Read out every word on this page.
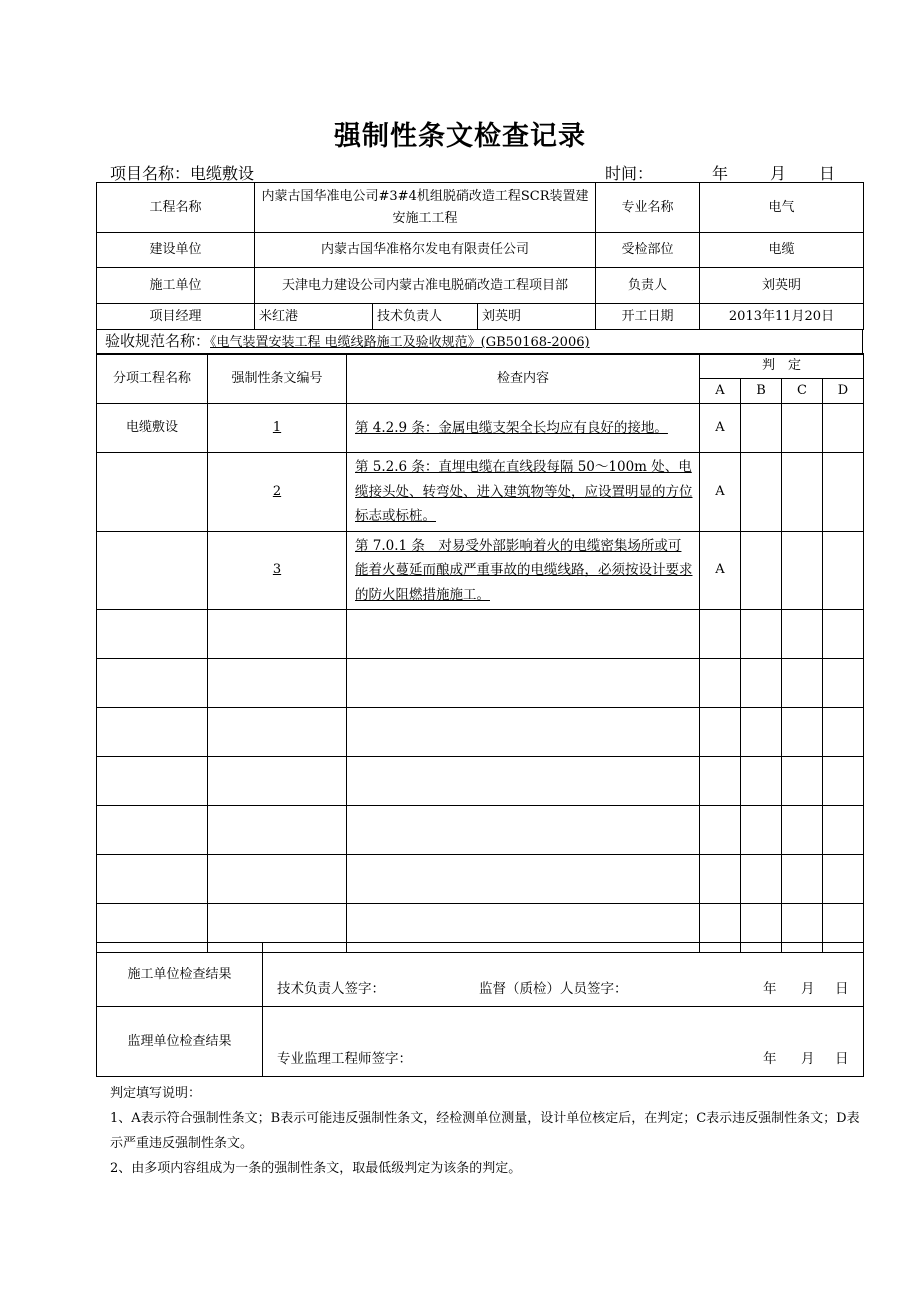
强制性条文检查记录
项目名称：电缆敷设	时间：	年	月 日
工程名称	内蒙古国华准电公司#3#4机组脱硝改造工程SCR装置建安施工工程			专业名称	电气
建设单位	内蒙古国华准格尔发电有限责任公司			受检部位	电缆
施工单位	天津电力建设公司内蒙古准电脱硝改造工程项目部			负责人	刘英明
项目经理	米红港	技术负责人	刘英明	开工日期	2013年11月20日
验收规范名称：《电气装置安装工程 电缆线路施工及验收规范》(GB50168-2006)
分项工程名称	强制性条文编号	检查内容	判　定			
			A	B	C	D
电缆敷设	1	第 4.2.9 条：金属电缆支架全长均应有良好的接地。	A			
	2	第 5.2.6 条：直埋电缆在直线段每隔 50～100m 处、电缆接头处、转弯处、进入建筑物等处，应设置明显的方位标志或标桩。	A			
	3	第 7.0.1 条　对易受外部影响着火的电缆密集场所或可能着火蔓延而酿成严重事故的电缆线路，必须按设计要求的防火阻燃措施施工。	A			

施工单位检查结果	技术负责人签字： 监督（质检）人员签字： 年 月 日

监理单位检查结果	专业监理工程师签字： 年 月 日

判定填写说明：

1、A表示符合强制性条文；B表示可能违反强制性条文，经检测单位测量，设计单位核定后，在判定；C表示违反强制性条文；D表示严重违反强制性条文。

2、由多项内容组成为一条的强制性条文，取最低级判定为该条的判定。
